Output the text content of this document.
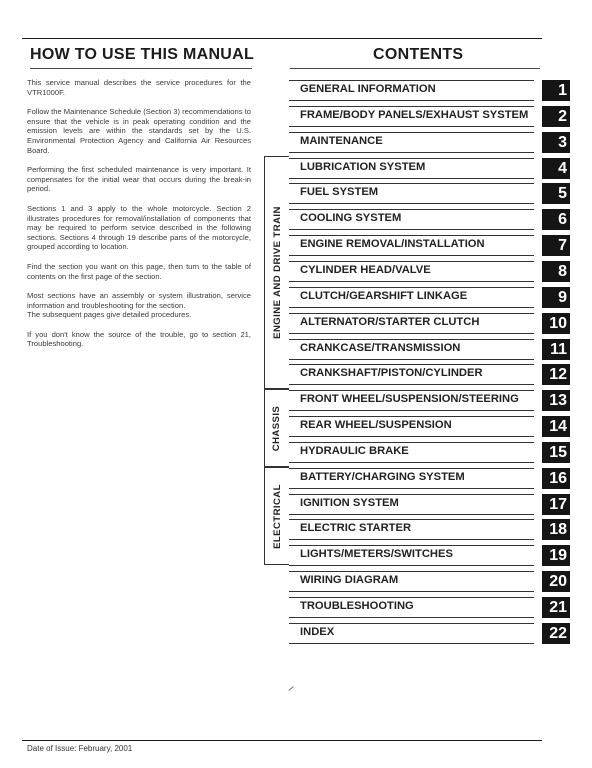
HOW TO USE THIS MANUAL	CONTENTS

This service manual describes the service procedures for the VTR1000F.

Follow the Maintenance Schedule (Section 3) recommendations to ensure that the vehicle is in peak operating condition and the emission levels are within the standards set by the U.S. Environmental Protection Agency and California Air Resources Board.

Performing the first scheduled maintenance is very important. It compensates for the initial wear that occurs during the break-in period.

Sections 1 and 3 apply to the whole motorcycle. Section 2 illustrates procedures for removal/installation of components that may be required to perform service described in the following sections. Sections 4 through 19 describe parts of the motorcycle, grouped according to location.

Find the section you want on this page, then turn to the table of contents on the first page of the section.

Most sections have an assembly or system illustration, service information and troubleshooting for the section.

The subsequent pages give detailed procedures.

If you don't know the source of the trouble, go to section 21, Troubleshooting.

ENGINE AND DRIVE TRAIN
CHASSIS
ELECTRICAL
GENERAL INFORMATION	1
FRAME/BODY PANELS/EXHAUST SYSTEM	2
MAINTENANCE	3
LUBRICATION SYSTEM	4
FUEL SYSTEM	5
COOLING SYSTEM	6
ENGINE REMOVAL/INSTALLATION	7
CYLINDER HEAD/VALVE	8
CLUTCH/GEARSHIFT LINKAGE	9
ALTERNATOR/STARTER CLUTCH	10
CRANKCASE/TRANSMISSION	11
CRANKSHAFT/PISTON/CYLINDER	12
FRONT WHEEL/SUSPENSION/STEERING	13
REAR WHEEL/SUSPENSION	14
HYDRAULIC BRAKE	15
BATTERY/CHARGING SYSTEM	16
IGNITION SYSTEM	17
ELECTRIC STARTER	18
LIGHTS/METERS/SWITCHES	19
WIRING DIAGRAM	20
TROUBLESHOOTING	21
INDEX	22
Date of Issue: February, 2001
